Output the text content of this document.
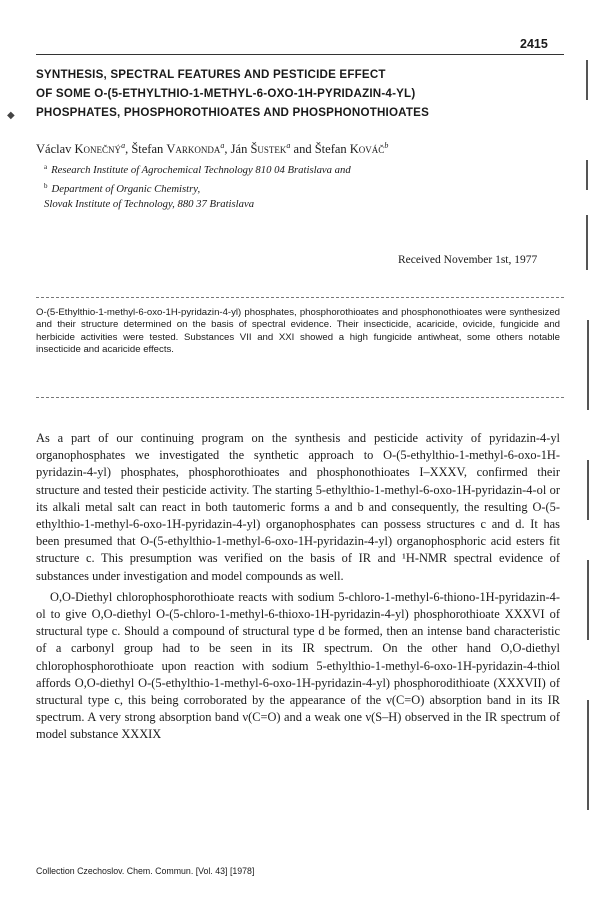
2415
◆
SYNTHESIS, SPECTRAL FEATURES AND PESTICIDE EFFECT
OF SOME O-(5-ETHYLTHIO-1-METHYL-6-OXO-1H-PYRIDAZIN-4-YL)
PHOSPHATES, PHOSPHOROTHIOATES AND PHOSPHONOTHIOATES
Václav Konečný$^a$, Štefan Varkonda$^a$, Ján Šustek$^a$ and Štefan Kováč$^b$
$^a$ Research Institute of Agrochemical Technology 810 04 Bratislava and
$^b$ Department of Organic Chemistry,
Slovak Institute of Technology, 880 37 Bratislava
Received November 1st, 1977
O-(5-Ethylthio-1-methyl-6-oxo-1H-pyridazin-4-yl) phosphates, phosphorothioates and phosphonothioates were synthesized and their structure determined on the basis of spectral evidence. Their insecticide, acaricide, ovicide, fungicide and herbicide activities were tested. Substances VII and XXI showed a high fungicide antiwheat, some others notable insecticide and acaricide effects.

As a part of our continuing program on the synthesis and pesticide activity of pyridazin-4-yl organophosphates we investigated the synthetic approach to O-(5-ethylthio-1-methyl-6-oxo-1H-pyridazin-4-yl) phosphates, phosphorothioates and phosphonothioates I–XXXV, confirmed their structure and tested their pesticide activity. The starting 5-ethylthio-1-methyl-6-oxo-1H-pyridazin-4-ol or its alkali metal salt can react in both tautomeric forms a and b and consequently, the resulting O-(5-ethylthio-1-methyl-6-oxo-1H-pyridazin-4-yl) organophosphates can possess structures c and d. It has been presumed that O-(5-ethylthio-1-methyl-6-oxo-1H-pyridazin-4-yl) organophosphoric acid esters fit structure c. This presumption was verified on the basis of IR and ¹H-NMR spectral evidence of substances under investigation and model compounds as well.

O,O-Diethyl chlorophosphorothioate reacts with sodium 5-chloro-1-methyl-6-thiono-1H-pyridazin-4-ol to give O,O-diethyl O-(5-chloro-1-methyl-6-thioxo-1H-pyridazin-4-yl) phosphorothioate XXXVI of structural type c. Should a compound of structural type d be formed, then an intense band characteristic of a carbonyl group had to be seen in its IR spectrum. On the other hand O,O-diethyl chlorophosphorothioate upon reaction with sodium 5-ethylthio-1-methyl-6-oxo-1H-pyridazin-4-thiol affords O,O-diethyl O-(5-ethylthio-1-methyl-6-oxo-1H-pyridazin-4-yl) phosphorodithioate (XXXVII) of structural type c, this being corroborated by the appearance of the ν(C=O) absorption band in its IR spectrum. A very strong absorption band ν(C=O) and a weak one ν(S–H) observed in the IR spectrum of model substance XXXIX

Collection Czechoslov. Chem. Commun. [Vol. 43] [1978]
